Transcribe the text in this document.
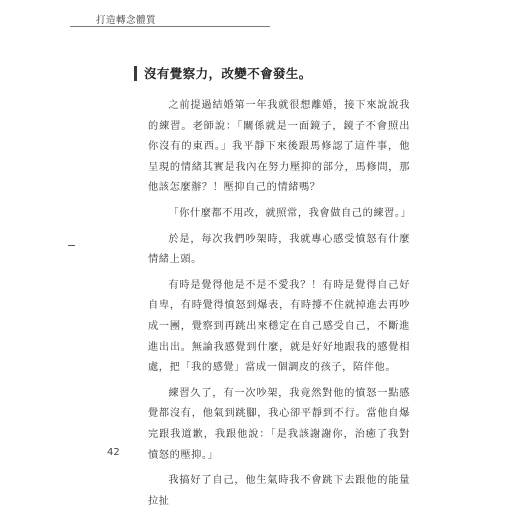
打造轉念體質
沒有覺察力，改變不會發生。

之前提過結婚第一年我就很想離婚，接下來說說我的練習。老師說：「關係就是一面鏡子，鏡子不會照出你沒有的東西。」我平靜下來後跟馬修認了這件事，他呈現的情緒其實是我內在努力壓抑的部分，馬修問，那他該怎麼辦？！壓抑自己的情緒嗎？

「你什麼都不用改，就照常，我會做自己的練習。」

於是，每次我們吵架時，我就專心感受憤怒有什麼情緒上頭。

有時是覺得他是不是不愛我？！有時是覺得自己好自卑，有時覺得憤怒到爆表，有時撐不住就掉進去再吵成一團，覺察到再跳出來穩定在自己感受自己，不斷進進出出。無論我感覺到什麼，就是好好地跟我的感覺相處，把「我的感覺」當成一個調皮的孩子，陪伴他。

練習久了，有一次吵架，我竟然對他的憤怒一點感覺都沒有，他氣到跳腳，我心卻平靜到不行。當他自爆完跟我道歉，我跟他說：「是我該謝謝你，治癒了我對憤怒的壓抑。」

我搞好了自己，他生氣時我不會跳下去跟他的能量拉扯

42
